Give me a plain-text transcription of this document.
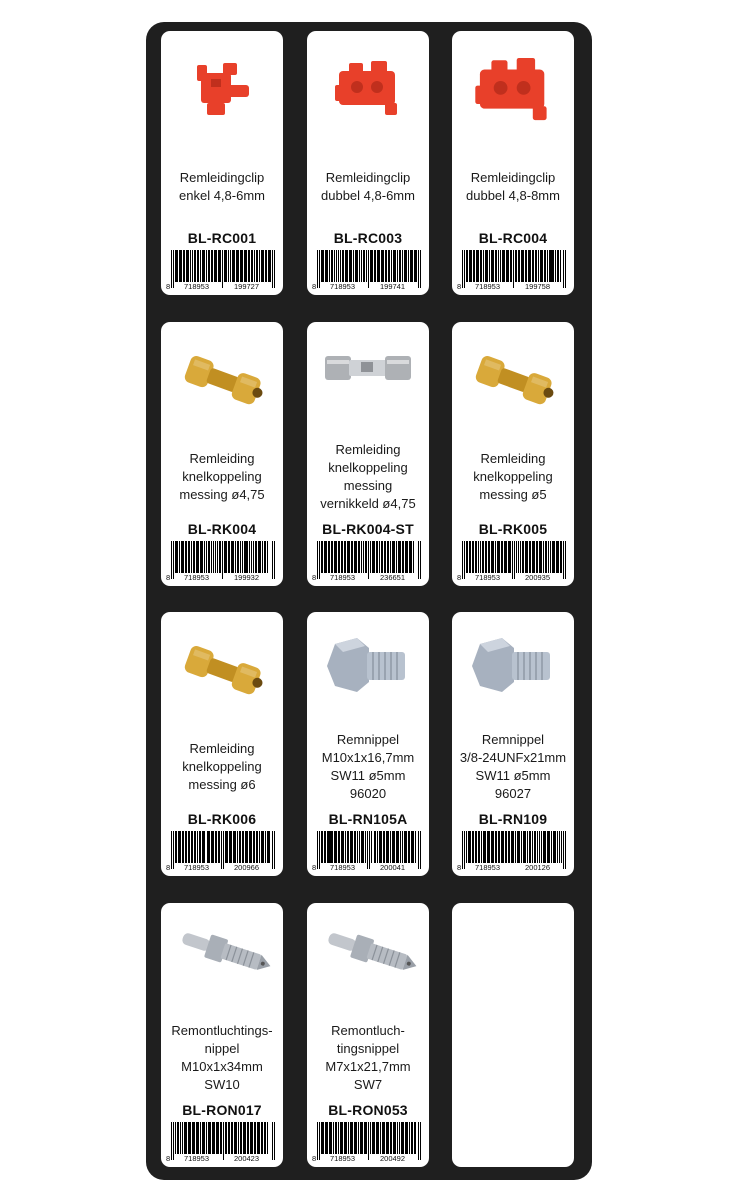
Remleidingclip
enkel 4,8-6mm
BL-RC001
8 718953	199727
Remleidingclip
dubbel 4,8-6mm
BL-RC003
8 718953	199741
Remleidingclip
dubbel 4,8-8mm
BL-RC004
8 718953	199758
Remleiding
knelkoppeling
messing ø4,75
BL-RK004
8 718953	199932
Remleiding
knelkoppeling
messing
vernikkeld ø4,75
BL-RK004-ST
8 718953	236651
Remleiding
knelkoppeling
messing ø5
BL-RK005
8 718953	200935
Remleiding
knelkoppeling
messing ø6
BL-RK006
8 718953	200966
Remnippel
M10x1x16,7mm
SW11 ø5mm
96020
BL-RN105A
8 718953	200041
Remnippel
3/8-24UNFx21mm
SW11 ø5mm
96027
BL-RN109
8 718953	200126
Remontluchtings-
nippel
M10x1x34mm
SW10
BL-RON017
8 718953	200423
Remontluch-
tingsnippel
M7x1x21,7mm
SW7
BL-RON053
8 718953	200492
